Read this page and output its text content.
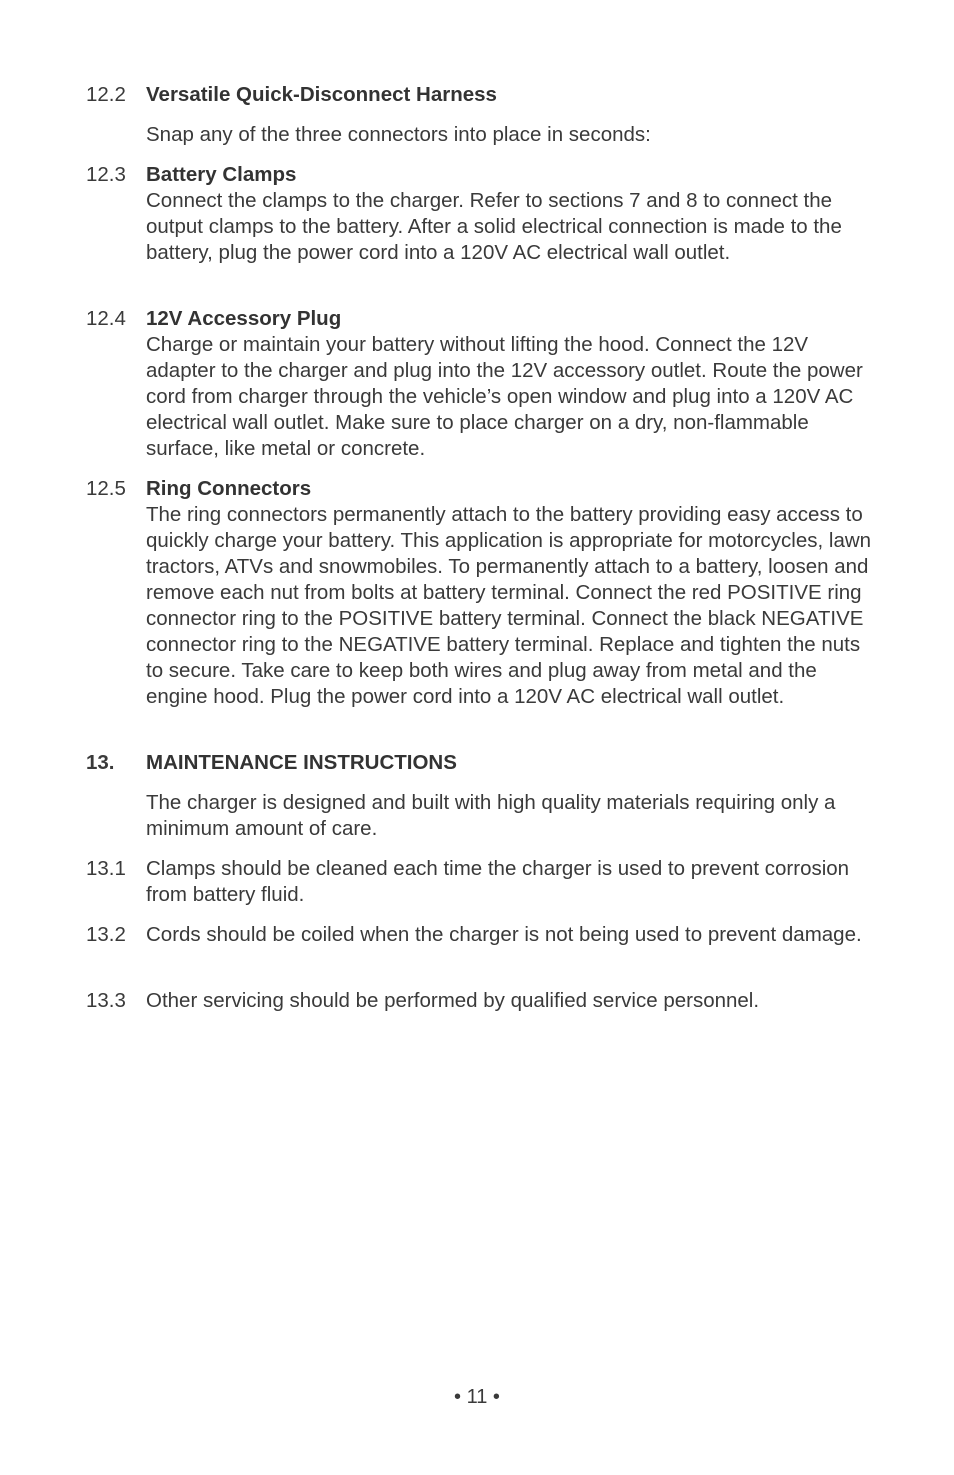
12.2 Versatile Quick-Disconnect Harness
Snap any of the three connectors into place in seconds:
12.3 Battery Clamps
Connect the clamps to the charger. Refer to sections 7 and 8 to connect the output clamps to the battery. After a solid electrical connection is made to the battery, plug the power cord into a 120V AC electrical wall outlet.
12.4 12V Accessory Plug
Charge or maintain your battery without lifting the hood. Connect the 12V adapter to the charger and plug into the 12V accessory outlet. Route the power cord from charger through the vehicle’s open window and plug into a 120V AC electrical wall outlet. Make sure to place charger on a dry, non-flammable surface, like metal or concrete.
12.5 Ring Connectors
The ring connectors permanently attach to the battery providing easy access to quickly charge your battery. This application is appropriate for motorcycles, lawn tractors, ATVs and snowmobiles. To permanently attach to a battery, loosen and remove each nut from bolts at battery terminal. Connect the red POSITIVE ring connector ring to the POSITIVE battery terminal. Connect the black NEGATIVE connector ring to the NEGATIVE battery terminal. Replace and tighten the nuts to secure. Take care to keep both wires and plug away from metal and the engine hood. Plug the power cord into a 120V AC electrical wall outlet.
13.	MAINTENANCE INSTRUCTIONS
The charger is designed and built with high quality materials requiring only a minimum amount of care.
13.1 Clamps should be cleaned each time the charger is used to prevent corrosion from battery fluid.
13.2 Cords should be coiled when the charger is not being used to prevent damage.
13.3 Other servicing should be performed by qualified service personnel.
• 11 •
